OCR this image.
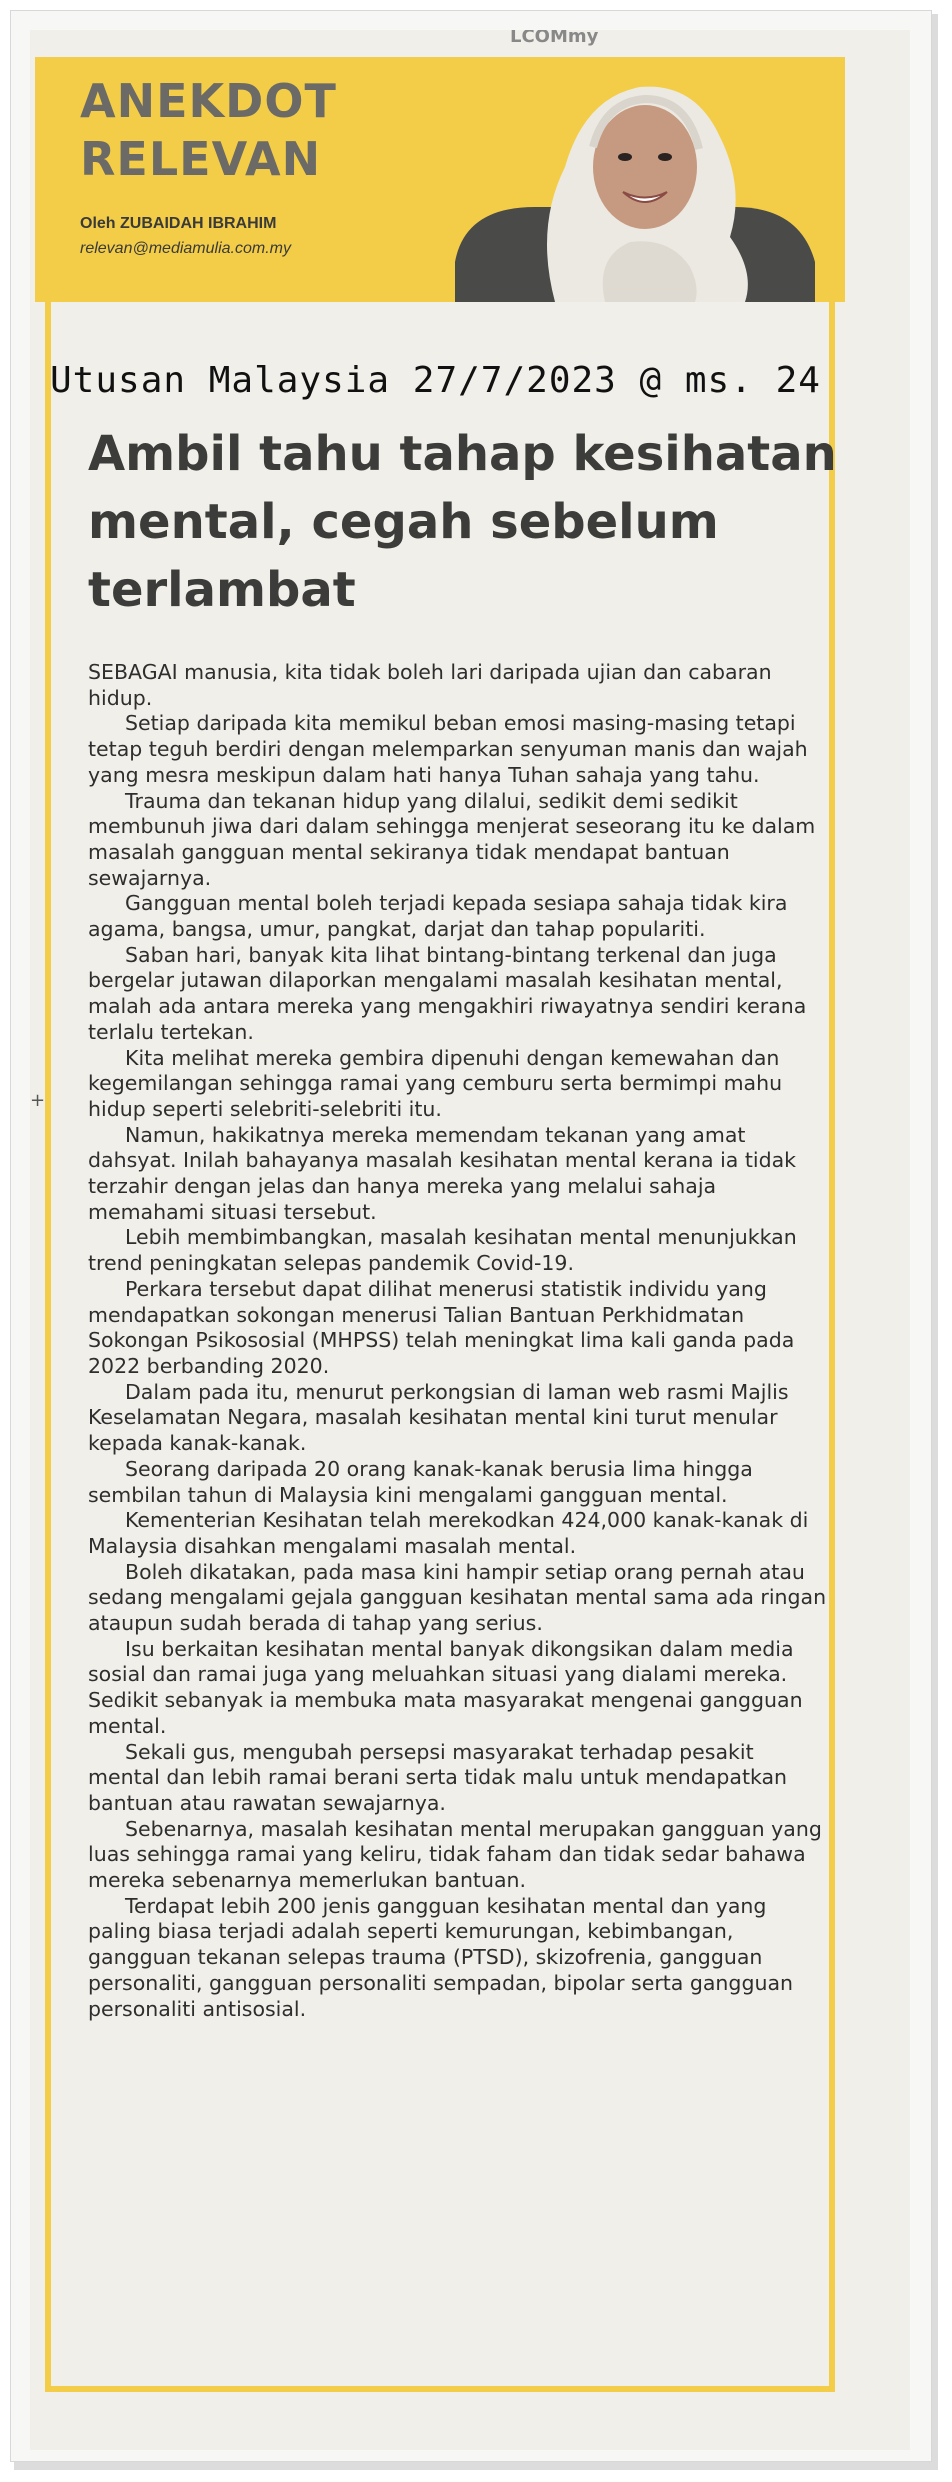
LCOMmy
ANEKDOT
RELEVAN
Oleh ZUBAIDAH IBRAHIM
relevan@mediamulia.com.my
Utusan Malaysia 27/7/2023 @ ms. 24
Ambil tahu tahap kesihatan mental, cegah sebelum terlambat

SEBAGAI manusia, kita tidak boleh lari daripada ujian dan cabaran hidup.

Setiap daripada kita memikul beban emosi masing-masing tetapi tetap teguh berdiri dengan melemparkan senyuman manis dan wajah yang mesra meskipun dalam hati hanya Tuhan sahaja yang tahu.

Trauma dan tekanan hidup yang dilalui, sedikit demi sedikit membunuh jiwa dari dalam sehingga menjerat seseorang itu ke dalam masalah gangguan mental sekiranya tidak mendapat bantuan sewajarnya.

Gangguan mental boleh terjadi kepada sesiapa sahaja tidak kira agama, bangsa, umur, pangkat, darjat dan tahap populariti.

Saban hari, banyak kita lihat bintang-bintang terkenal dan juga bergelar jutawan dilaporkan mengalami masalah kesihatan mental, malah ada antara mereka yang mengakhiri riwayatnya sendiri kerana terlalu tertekan.

Kita melihat mereka gembira dipenuhi dengan kemewahan dan kegemilangan sehingga ramai yang cemburu serta bermimpi mahu hidup seperti selebriti-selebriti itu.

Namun, hakikatnya mereka memendam tekanan yang amat dahsyat. Inilah bahayanya masalah kesihatan mental kerana ia tidak terzahir dengan jelas dan hanya mereka yang melalui sahaja memahami situasi tersebut.

Lebih membimbangkan, masalah kesihatan mental menunjukkan trend peningkatan selepas pandemik Covid-19.

Perkara tersebut dapat dilihat menerusi statistik individu yang mendapatkan sokongan menerusi Talian Bantuan Perkhidmatan Sokongan Psikososial (MHPSS) telah meningkat lima kali ganda pada 2022 berbanding 2020.

Dalam pada itu, menurut perkongsian di laman web rasmi Majlis Keselamatan Negara, masalah kesihatan mental kini turut menular kepada kanak-kanak.

Seorang daripada 20 orang kanak-kanak berusia lima hingga sembilan tahun di Malaysia kini mengalami gangguan mental.

Kementerian Kesihatan telah merekodkan 424,000 kanak-kanak di Malaysia disahkan mengalami masalah mental.

Boleh dikatakan, pada masa kini hampir setiap orang pernah atau sedang mengalami gejala gangguan kesihatan mental sama ada ringan ataupun sudah berada di tahap yang serius.

Isu berkaitan kesihatan mental banyak dikongsikan dalam media sosial dan ramai juga yang meluahkan situasi yang dialami mereka. Sedikit sebanyak ia membuka mata masyarakat mengenai gangguan mental.

Sekali gus, mengubah persepsi masyarakat terhadap pesakit mental dan lebih ramai berani serta tidak malu untuk mendapatkan bantuan atau rawatan sewajarnya.

Sebenarnya, masalah kesihatan mental merupakan gangguan yang luas sehingga ramai yang keliru, tidak faham dan tidak sedar bahawa mereka sebenarnya memerlukan bantuan.

Terdapat lebih 200 jenis gangguan kesihatan mental dan yang paling biasa terjadi adalah seperti kemurungan, kebimbangan, gangguan tekanan selepas trauma (PTSD), skizofrenia, gangguan personaliti, gangguan personaliti sempadan, bipolar serta gangguan personaliti antisosial.

+
